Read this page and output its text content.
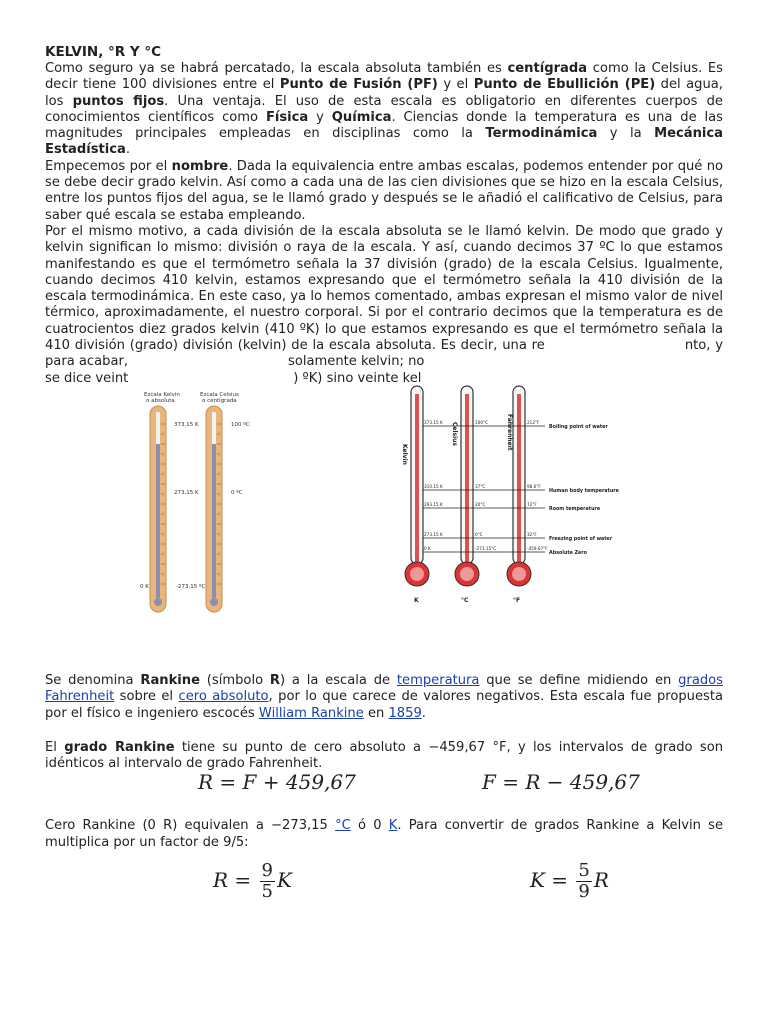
KELVIN, °R Y °C

Como seguro ya se habrá percatado, la escala absoluta también es centígrada como la Celsius. Es decir tiene 100 divisiones entre el Punto de Fusión (PF) y el Punto de Ebullición (PE) del agua, los puntos fijos. Una ventaja. El uso de esta escala es obligatorio en diferentes cuerpos de conocimientos científicos como Física y Química. Ciencias donde la temperatura es una de las magnitudes principales empleadas en disciplinas como la Termodinámica y la Mecánica Estadística.

Empecemos por el nombre. Dada la equivalencia entre ambas escalas, podemos entender por qué no se debe decir grado kelvin. Así como a cada una de las cien divisiones que se hizo en la escala Celsius, entre los puntos fijos del agua, se le llamó grado y después se le añadió el calificativo de Celsius, para saber qué escala se estaba empleando.

Por el mismo motivo, a cada división de la escala absoluta se le llamó kelvin. De modo que grado y kelvin significan lo mismo: división o raya de la escala. Y así, cuando decimos 37 ºC lo que estamos manifestando es que el termómetro señala la 37 división (grado) de la escala Celsius. Igualmente, cuando decimos 410 kelvin, estamos expresando que el termómetro señala la 410 división de la escala termodinámica. En este caso, ya lo hemos comentado, ambas expresan el mismo valor de nivel térmico, aproximadamente, el nuestro corporal. Si por el contrario decimos que la temperatura es de cuatrocientos diez grados kelvin (410 ºK) lo que estamos expresando es que el termómetro señala la 410 división (grado) división (kelvin) de la escala absoluta. Es decir, una re	nto, y para acabar,	solamente kelvin; no
se dice veint	) ºK) sino veinte kel

Escala Kelvin
o absoluta
Escala Celsius
o centígrada
373,15 K
273,15 K
0 K
100 ºC
0 ºC
-273,15 ºC
Kelvin
Celsius	Fahrenheit
373.15 K
310.15 K
293.15 K
273.15 K
0 K
100°C
37°C
20°C
0°C
-273.15°C
212°F
98.6°F
72°F
32°F
-459.67°F
Boiling point of water
Human body temperature
Room temperature
Freezing point of water
Absolute Zero
K	°C	°F

Se denomina Rankine (símbolo R) a la escala de temperatura que se define midiendo en grados Fahrenheit sobre el cero absoluto, por lo que carece de valores negativos. Esta escala fue propuesta por el físico e ingeniero escocés William Rankine en 1859.

El grado Rankine tiene su punto de cero absoluto a −459,67 °F, y los intervalos de grado son idénticos al intervalo de grado Fahrenheit.

R = F + 459,67	F = R − 459,67

Cero Rankine (0 R) equivalen a −273,15 °C ó 0 K. Para convertir de grados Rankine a Kelvin se multiplica por un factor de 9/5:

$R = \frac{9}{5}$ K	$K = \frac{5}{9}$ R
